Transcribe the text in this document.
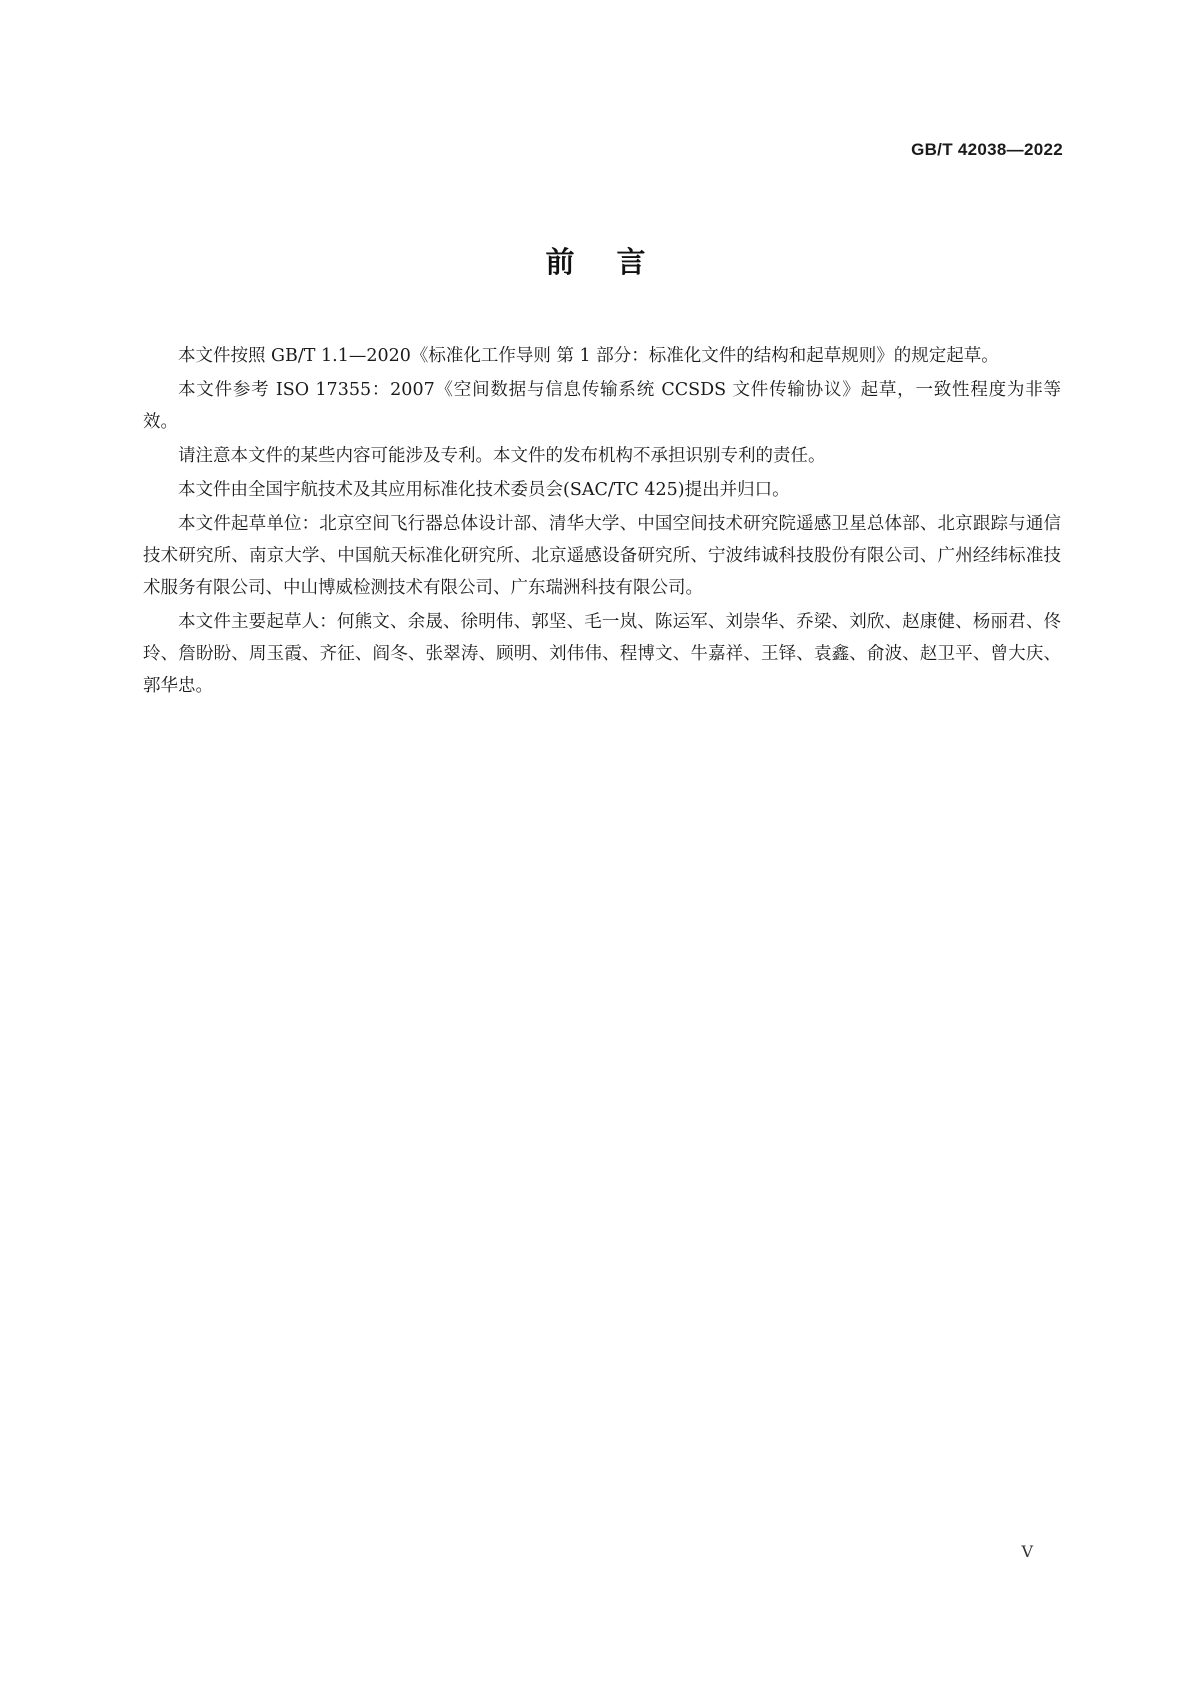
GB/T 42038—2022
前言

本文件按照 GB/T 1.1—2020《标准化工作导则 第 1 部分：标准化文件的结构和起草规则》的规定起草。

本文件参考 ISO 17355：2007《空间数据与信息传输系统 CCSDS 文件传输协议》起草，一致性程度为非等效。

请注意本文件的某些内容可能涉及专利。本文件的发布机构不承担识别专利的责任。

本文件由全国宇航技术及其应用标准化技术委员会(SAC/TC 425)提出并归口。

本文件起草单位：北京空间飞行器总体设计部、清华大学、中国空间技术研究院遥感卫星总体部、北京跟踪与通信技术研究所、南京大学、中国航天标准化研究所、北京遥感设备研究所、宁波纬诚科技股份有限公司、广州经纬标准技术服务有限公司、中山博威检测技术有限公司、广东瑞洲科技有限公司。

本文件主要起草人：何熊文、余晟、徐明伟、郭坚、毛一岚、陈运军、刘崇华、乔梁、刘欣、赵康健、杨丽君、佟玲、詹盼盼、周玉霞、齐征、阎冬、张翠涛、顾明、刘伟伟、程博文、牛嘉祥、王铎、袁鑫、俞波、赵卫平、曾大庆、郭华忠。

V
